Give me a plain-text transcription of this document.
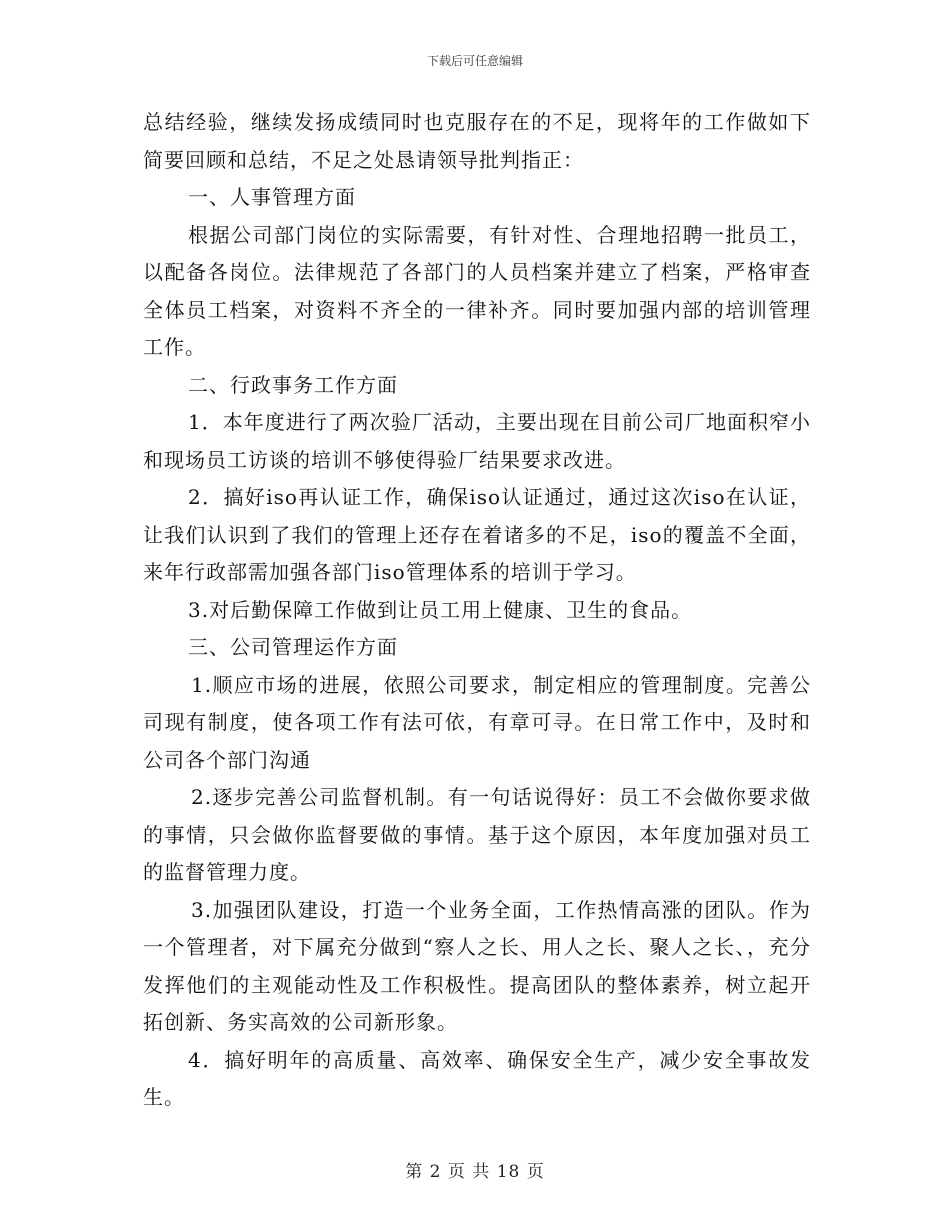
下载后可任意编辑

总结经验，继续发扬成绩同时也克服存在的不足，现将年的工作做如下简要回顾和总结，不足之处恳请领导批判指正：

一、人事管理方面

根据公司部门岗位的实际需要，有针对性、合理地招聘一批员工，以配备各岗位。法律规范了各部门的人员档案并建立了档案，严格审查全体员工档案，对资料不齐全的一律补齐。同时要加强内部的培训管理工作。

二、行政事务工作方面

1．本年度进行了两次验厂活动，主要出现在目前公司厂地面积窄小和现场员工访谈的培训不够使得验厂结果要求改进。

2．搞好iso再认证工作，确保iso认证通过，通过这次iso在认证，让我们认识到了我们的管理上还存在着诸多的不足，iso的覆盖不全面，来年行政部需加强各部门iso管理体系的培训于学习。

3.对后勤保障工作做到让员工用上健康、卫生的食品。

三、公司管理运作方面

1.顺应市场的进展，依照公司要求，制定相应的管理制度。完善公司现有制度，使各项工作有法可依，有章可寻。在日常工作中，及时和公司各个部门沟通

2.逐步完善公司监督机制。有一句话说得好：员工不会做你要求做的事情，只会做你监督要做的事情。基于这个原因，本年度加强对员工的监督管理力度。

3.加强团队建设，打造一个业务全面，工作热情高涨的团队。作为一个管理者，对下属充分做到“察人之长、用人之长、聚人之长、，充分发挥他们的主观能动性及工作积极性。提高团队的整体素养，树立起开拓创新、务实高效的公司新形象。

4．搞好明年的高质量、高效率、确保安全生产，减少安全事故发生。

第 2 页 共 18 页
